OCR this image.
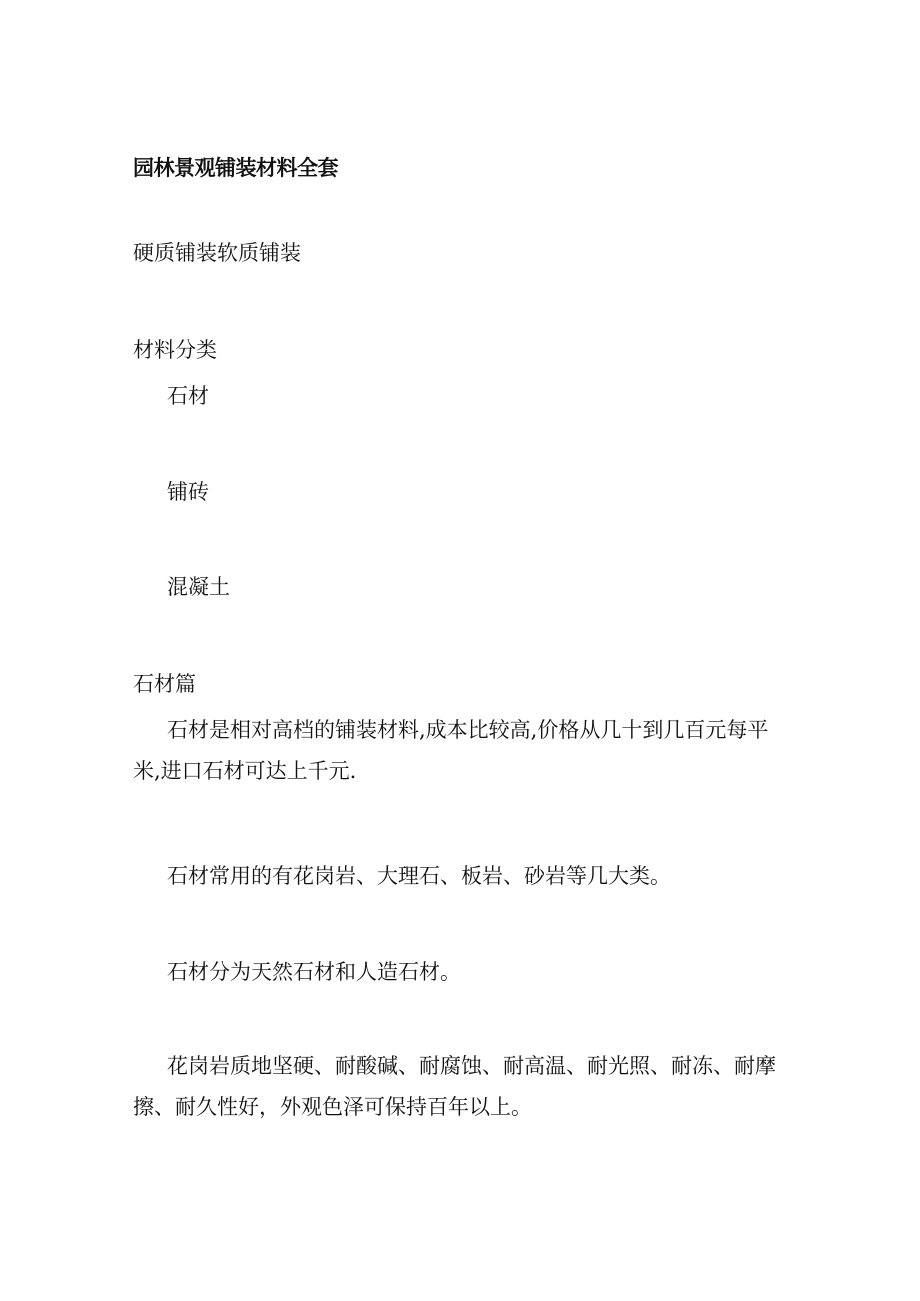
园林景观铺装材料全套
硬质铺装软质铺装
材料分类
石材
铺砖
混凝土
石材篇

石材是相对高档的铺装材料,成本比较高,价格从几十到几百元每平米,进口石材可达上千元.

石材常用的有花岗岩、大理石、板岩、砂岩等几大类。

石材分为天然石材和人造石材。

花岗岩质地坚硬、耐酸碱、耐腐蚀、耐高温、耐光照、耐冻、耐摩擦、耐久性好，外观色泽可保持百年以上。
